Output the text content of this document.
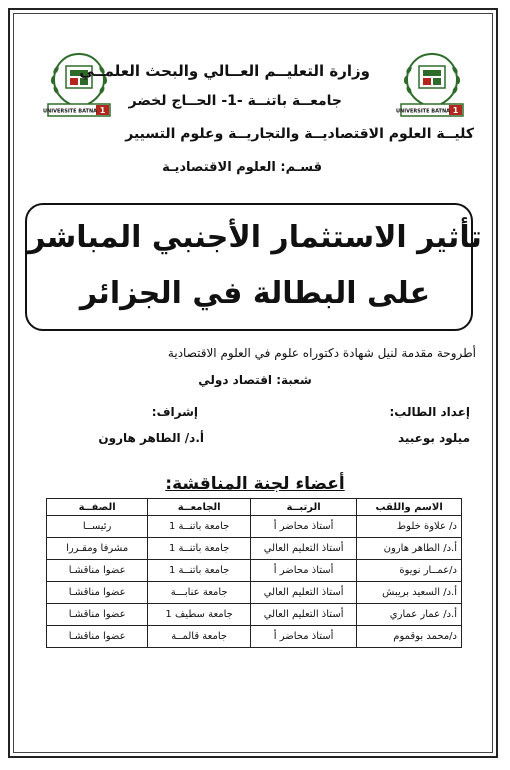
1
UNIVERSITE BATNA	1
UNIVERSITE BATNA
وزارة التعليــم العــالي والبحث العلمــي
جامعــة باتنــة -1- الحــاج لخضر
كليــة العلوم الاقتصاديــة والتجاريــة وعلوم التسيير
قسـم: العلوم الاقتصاديـة
تأثير الاستثمار الأجنبي المباشر
على البطالة في الجزائر
أطروحة مقدمة لنيل شهادة دكتوراه علوم في العلوم الاقتصادية
شعبة: اقتصاد دولي
إعداد الطالب:
ميلود بوعبيد
إشراف:
أ.د/ الطاهر هارون
أعضاء لجنة المناقشة:
الاسم واللقب	الرتبــة	الجامعــة	الصفــة
د/ علاوة خلوط	أستاذ محاضر أ	جامعة باتنــة 1	رئيســا
أ.د/ الطاهر هارون	أستاذ التعليم العالي	جامعة باتنــة 1	مشرفا ومقـررا
د/عمــار نويوة	أستاذ محاضر أ	جامعة باتنــة 1	عضوا مناقشـا
أ.د/ السعيد بريبش	أستاذ التعليم العالي	جامعة عنابـــة	عضوا مناقشـا
أ.د/ عمار عماري	أستاذ التعليم العالي	جامعة سطيف 1	عضوا مناقشـا
د/محمد بوقموم	أستاذ محاضر أ	جامعة قالمــة	عضوا مناقشـا
